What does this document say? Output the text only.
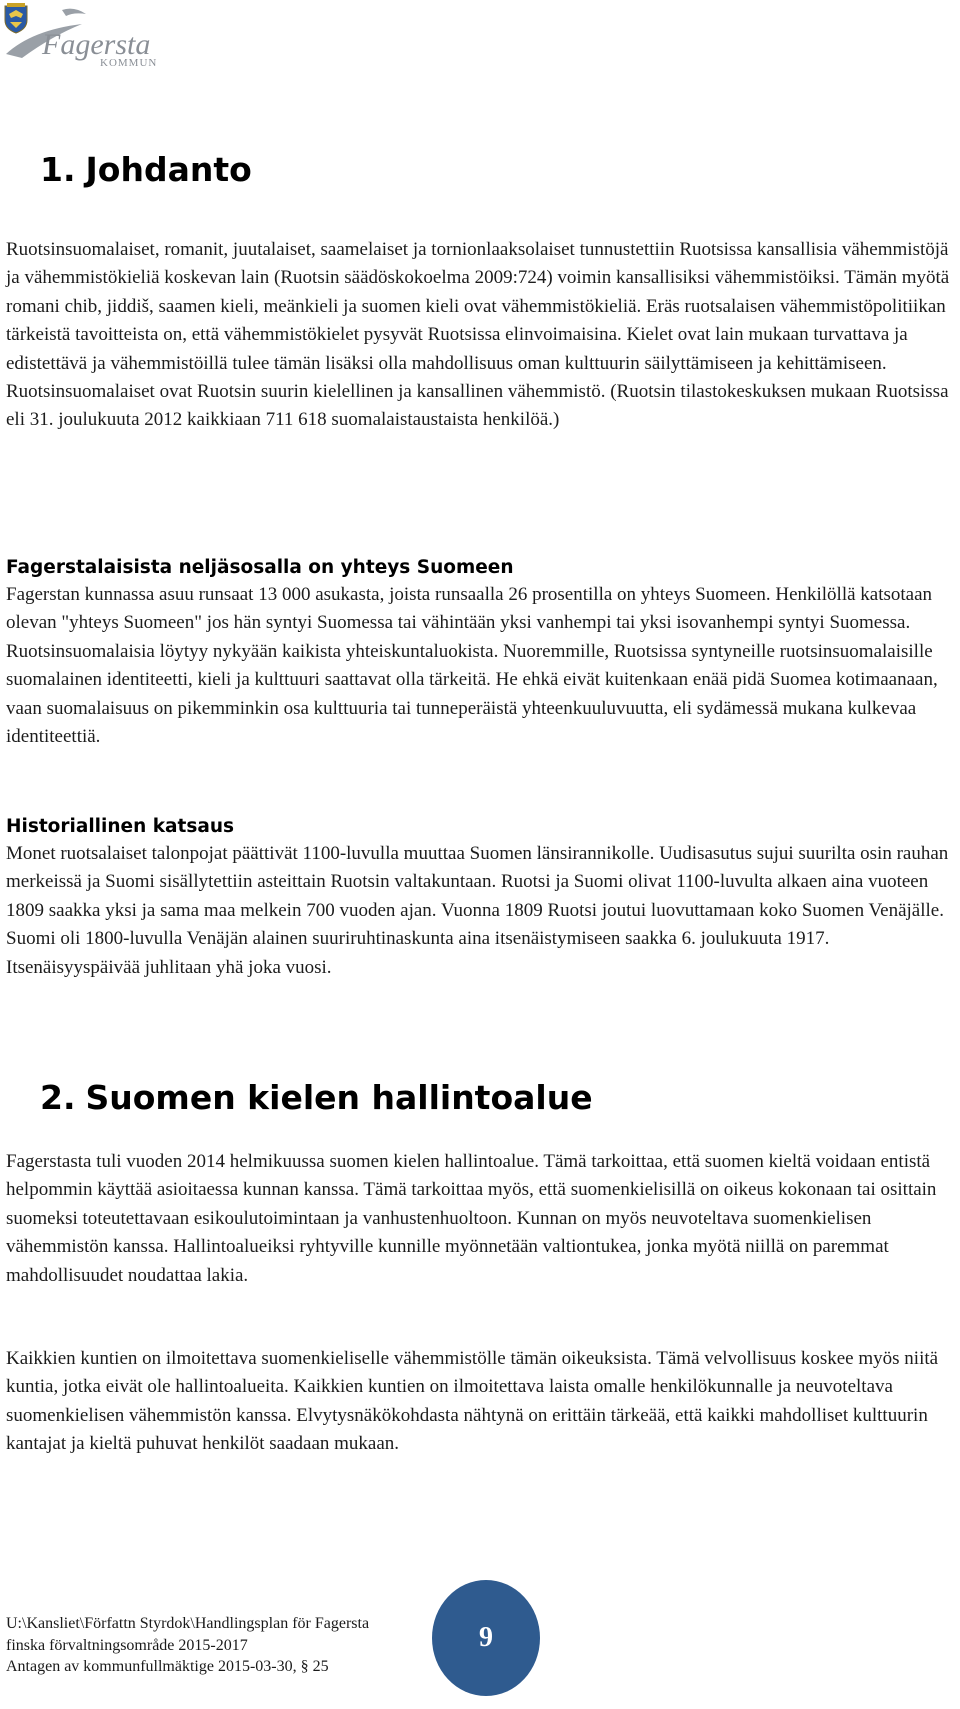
Fagersta
KOMMUN
1. Johdanto

Ruotsinsuomalaiset, romanit, juutalaiset, saamelaiset ja tornionlaaksolaiset tunnustettiin Ruotsissa kansallisia vähemmistöjä ja vähemmistökieliä koskevan lain (Ruotsin säädöskokoelma 2009:724) voimin kansallisiksi vähemmistöiksi. Tämän myötä romani chib, jiddiš, saamen kieli, meänkieli ja suomen kieli ovat vähemmistökieliä. Eräs ruotsalaisen vähemmistöpolitiikan tärkeistä tavoitteista on, että vähemmistökielet pysyvät Ruotsissa elinvoimaisina. Kielet ovat lain mukaan turvattava ja edistettävä ja vähemmistöillä tulee tämän lisäksi olla mahdollisuus oman kulttuurin säilyttämiseen ja kehittämiseen. Ruotsinsuomalaiset ovat Ruotsin suurin kielellinen ja kansallinen vähemmistö. (Ruotsin tilastokeskuksen mukaan Ruotsissa eli 31. joulukuuta 2012 kaikkiaan 711 618 suomalaistaustaista henkilöä.)

Fagerstalaisista neljäsosalla on yhteys Suomeen

Fagerstan kunnassa asuu runsaat 13 000 asukasta, joista runsaalla 26 prosentilla on yhteys Suomeen. Henkilöllä katsotaan olevan "yhteys Suomeen" jos hän syntyi Suomessa tai vähintään yksi vanhempi tai yksi isovanhempi syntyi Suomessa. Ruotsinsuomalaisia löytyy nykyään kaikista yhteiskuntaluokista. Nuoremmille, Ruotsissa syntyneille ruotsinsuomalaisille suomalainen identiteetti, kieli ja kulttuuri saattavat olla tärkeitä. He ehkä eivät kuitenkaan enää pidä Suomea kotimaanaan, vaan suomalaisuus on pikemminkin osa kulttuuria tai tunneperäistä yhteenkuuluvuutta, eli sydämessä mukana kulkevaa identiteettiä.

Historiallinen katsaus

Monet ruotsalaiset talonpojat päättivät 1100-luvulla muuttaa Suomen länsirannikolle. Uudisasutus sujui suurilta osin rauhan merkeissä ja Suomi sisällytettiin asteittain Ruotsin valtakuntaan. Ruotsi ja Suomi olivat 1100-luvulta alkaen aina vuoteen 1809 saakka yksi ja sama maa melkein 700 vuoden ajan. Vuonna 1809 Ruotsi joutui luovuttamaan koko Suomen Venäjälle. Suomi oli 1800-luvulla Venäjän alainen suuriruhtinaskunta aina itsenäistymiseen saakka 6. joulukuuta 1917. Itsenäisyyspäivää juhlitaan yhä joka vuosi.

2. Suomen kielen hallintoalue

Fagerstasta tuli vuoden 2014 helmikuussa suomen kielen hallintoalue. Tämä tarkoittaa, että suomen kieltä voidaan entistä helpommin käyttää asioitaessa kunnan kanssa. Tämä tarkoittaa myös, että suomenkielisillä on oikeus kokonaan tai osittain suomeksi toteutettavaan esikoulutoimintaan ja vanhustenhuoltoon. Kunnan on myös neuvoteltava suomenkielisen vähemmistön kanssa. Hallintoalueiksi ryhtyville kunnille myönnetään valtiontukea, jonka myötä niillä on paremmat mahdollisuudet noudattaa lakia.

Kaikkien kuntien on ilmoitettava suomenkieliselle vähemmistölle tämän oikeuksista. Tämä velvollisuus koskee myös niitä kuntia, jotka eivät ole hallintoalueita. Kaikkien kuntien on ilmoitettava laista omalle henkilökunnalle ja neuvoteltava suomenkielisen vähemmistön kanssa. Elvytysnäkökohdasta nähtynä on erittäin tärkeää, että kaikki mahdolliset kulttuurin kantajat ja kieltä puhuvat henkilöt saadaan mukaan.

U:\Kansliet\Författn Styrdok\Handlingsplan för Fagersta
finska förvaltningsområde 2015-2017
Antagen av kommunfullmäktige 2015-03-30, § 25
9
